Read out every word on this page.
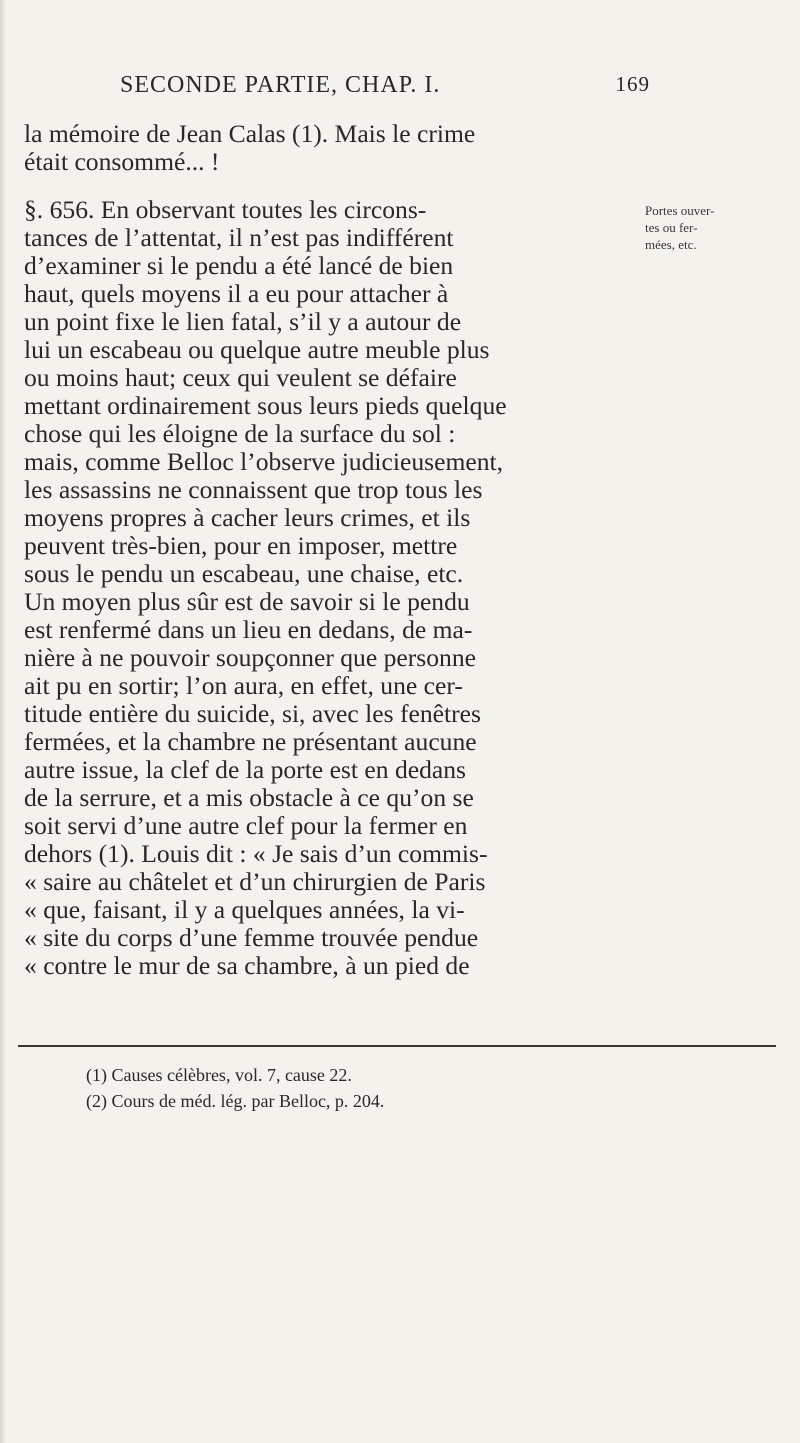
SECONDE PARTIE, CHAP. I.	169
la mémoire de Jean Calas (1). Mais le crime
était consommé... !
§. 656. En observant toutes les circons-
tances de l’attentat, il n’est pas indifférent
d’examiner si le pendu a été lancé de bien
haut, quels moyens il a eu pour attacher à
un point fixe le lien fatal, s’il y a autour de
lui un escabeau ou quelque autre meuble plus
ou moins haut; ceux qui veulent se défaire
mettant ordinairement sous leurs pieds quelque
chose qui les éloigne de la surface du sol :
mais, comme Belloc l’observe judicieusement,
les assassins ne connaissent que trop tous les
moyens propres à cacher leurs crimes, et ils
peuvent très-bien, pour en imposer, mettre
sous le pendu un escabeau, une chaise, etc.
Un moyen plus sûr est de savoir si le pendu
est renfermé dans un lieu en dedans, de ma-
nière à ne pouvoir soupçonner que personne
ait pu en sortir; l’on aura, en effet, une cer-
titude entière du suicide, si, avec les fenêtres
fermées, et la chambre ne présentant aucune
autre issue, la clef de la porte est en dedans
de la serrure, et a mis obstacle à ce qu’on se
soit servi d’une autre clef pour la fermer en
dehors (1). Louis dit : « Je sais d’un commis-
« saire au châtelet et d’un chirurgien de Paris
« que, faisant, il y a quelques années, la vi-
« site du corps d’une femme trouvée pendue
« contre le mur de sa chambre, à un pied de
Portes ouver-
tes ou fer-
mées, etc.
(1) Causes célèbres, vol. 7, cause 22.
(2) Cours de méd. lég. par Belloc, p. 204.
